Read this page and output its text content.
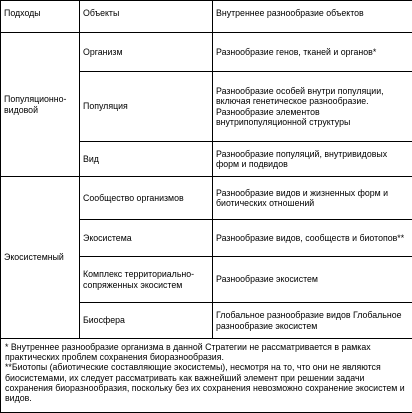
Подходы	Объекты	Внутреннее разнообразие объектов
Популяционно-видовой	Организм	Разнообразие генов, тканей и органов*
	Популяция	Разнообразие особей внутри популяции, включая генетическое разнообразие. Разнообразие элементов внутрипопуляционной структуры
	Вид	Разнообразие популяций, внутривидовых форм и подвидов
Экосистемный	Сообщество организмов	Разнообразие видов и жизненных форм и биотических отношений
	Экосистема	Разнообразие видов, сообществ и биотопов**
	Комплекс территориально-сопряженных экосистем	Разнообразие экосистем
	Биосфера	Глобальное разнообразие видов Глобальное разнообразие экосистем

* Внутреннее разнообразие организма в данной Стратегии не рассматривается в рамках практических проблем сохранения биоразнообразия.
**Биотопы (абиотические составляющие экосистемы), несмотря на то, что они не являются биосистемами, их следует рассматривать как важнейший элемент при решении задачи сохранения биоразнообразия, поскольку без их сохранения невозможно сохранение экосистем и видов.		
